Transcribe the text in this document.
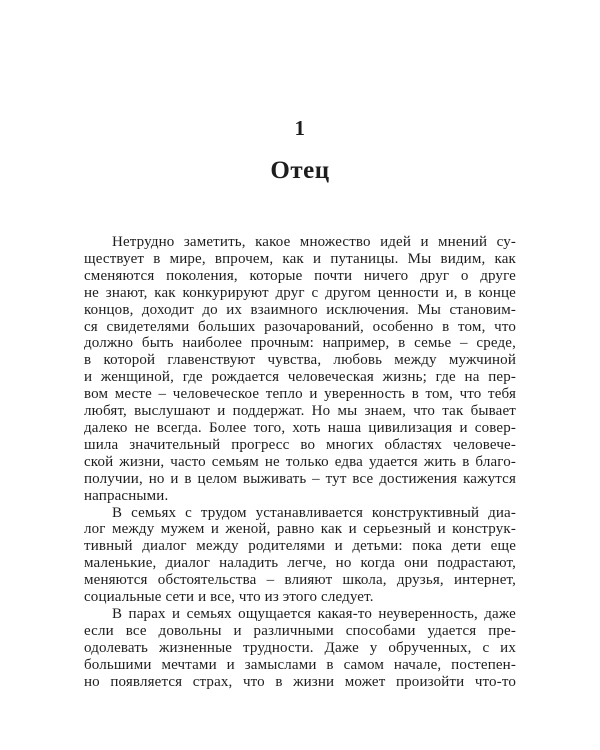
1
Отец
Нетрудно заметить, какое множество идей и мнений су-
ществует в мире, впрочем, как и путаницы. Мы видим, как
сменяются поколения, которые почти ничего друг о друге
не знают, как конкурируют друг с другом ценности и, в конце
концов, доходит до их взаимного исключения. Мы становим-
ся свидетелями больших разочарований, особенно в том, что
должно быть наиболее прочным: например, в семье – среде,
в которой главенствуют чувства, любовь между мужчиной
и женщиной, где рождается человеческая жизнь; где на пер-
вом месте – человеческое тепло и уверенность в том, что тебя
любят, выслушают и поддержат. Но мы знаем, что так бывает
далеко не всегда. Более того, хоть наша цивилизация и совер-
шила значительный прогресс во многих областях человече-
ской жизни, часто семьям не только едва удается жить в благо-
получии, но и в целом выживать – тут все достижения кажутся
напрасными.
В семьях с трудом устанавливается конструктивный диа-
лог между мужем и женой, равно как и серьезный и конструк-
тивный диалог между родителями и детьми: пока дети еще
маленькие, диалог наладить легче, но когда они подрастают,
меняются обстоятельства – влияют школа, друзья, интернет,
социальные сети и все, что из этого следует.
В парах и семьях ощущается какая-то неуверенность, даже
если все довольны и различными способами удается пре-
одолевать жизненные трудности. Даже у обрученных, с их
большими мечтами и замыслами в самом начале, постепен-
но появляется страх, что в жизни может произойти что-то
